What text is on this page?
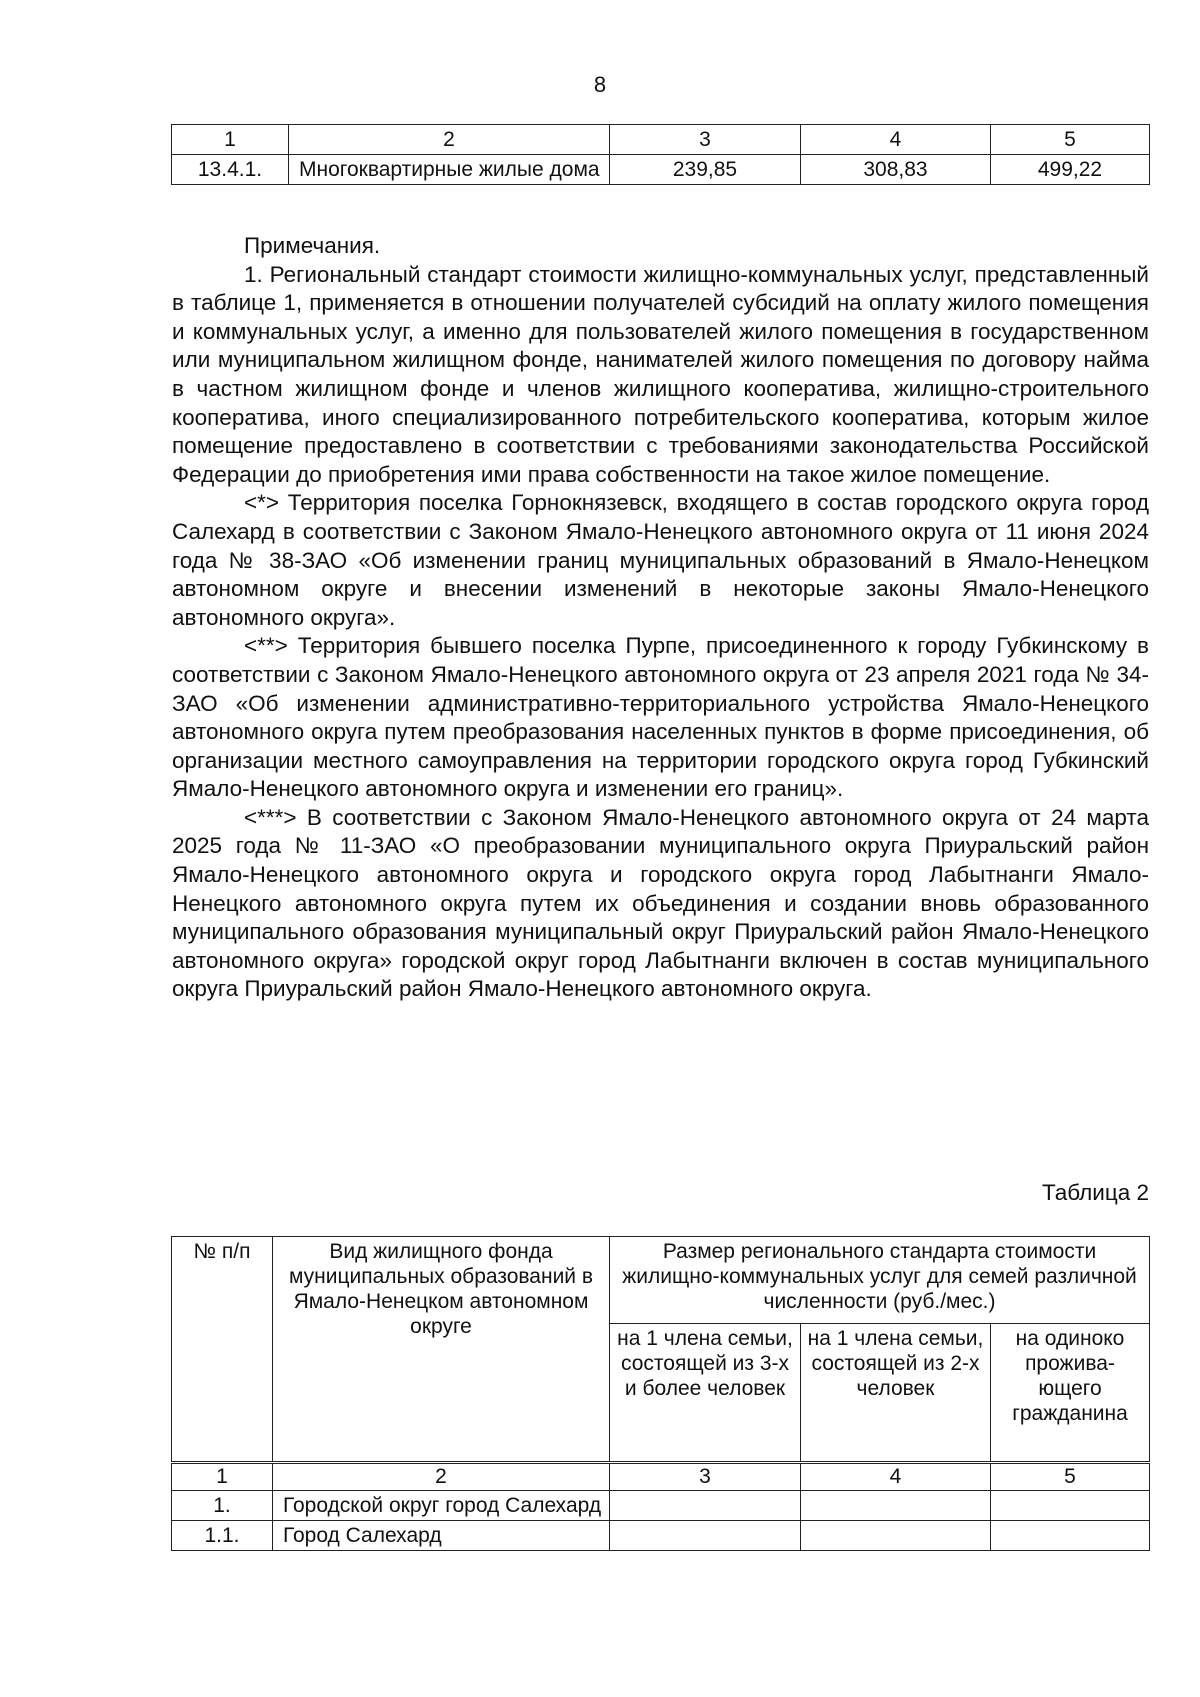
8
1	2	3	4	5
13.4.1.	Многоквартирные жилые дома	239,85	308,83	499,22

Примечания.

1. Региональный стандарт стоимости жилищно-коммунальных услуг, представленный в таблице 1, применяется в отношении получателей субсидий на оплату жилого помещения и коммунальных услуг, а именно для пользователей жилого помещения в государственном или муниципальном жилищном фонде, нанимателей жилого помещения по договору найма в частном жилищном фонде и членов жилищного кооператива, жилищно-строительного кооператива, иного специализированного потребительского кооператива, которым жилое помещение предоставлено в соответствии с требованиями законодательства Российской Федерации до приобретения ими права собственности на такое жилое помещение.

<*> Территория поселка Горнокнязевск, входящего в состав городского округа город Салехард в соответствии с Законом Ямало-Ненецкого автономного округа от 11 июня 2024 года № 38-ЗАО «Об изменении границ муниципальных образований в Ямало-Ненецком автономном округе и внесении изменений в некоторые законы Ямало-Ненецкого автономного округа».

<**> Территория бывшего поселка Пурпе, присоединенного к городу Губкинскому в соответствии с Законом Ямало-Ненецкого автономного округа от 23 апреля 2021 года № 34-ЗАО «Об изменении административно-территориального устройства Ямало-Ненецкого автономного округа путем преобразования населенных пунктов в форме присоединения, об организации местного самоуправления на территории городского округа город Губкинский Ямало-Ненецкого автономного округа и изменении его границ».

<***> В соответствии с Законом Ямало-Ненецкого автономного округа от 24 марта 2025 года № 11-ЗАО «О преобразовании муниципального округа Приуральский район Ямало-Ненецкого автономного округа и городского округа город Лабытнанги Ямало-Ненецкого автономного округа путем их объединения и создании вновь образованного муниципального образования муниципальный округ Приуральский район Ямало-Ненецкого автономного округа» городской округ город Лабытнанги включен в состав муниципального округа Приуральский район Ямало-Ненецкого автономного округа.

Таблица 2
№ п/п	Вид жилищного фонда муниципальных образований в Ямало-Ненецком автономном округе	Размер регионального стандарта стоимости жилищно-коммунальных услуг для семей различной численности (руб./мес.)		
		на 1 члена семьи, состоящей из 3-х и более человек	на 1 члена семьи, состоящей из 2-х человек	на одиноко прожива-ющего гражданина
1	2	3	4	5
1.	Городской округ город Салехард			
1.1.	Город Салехард			
